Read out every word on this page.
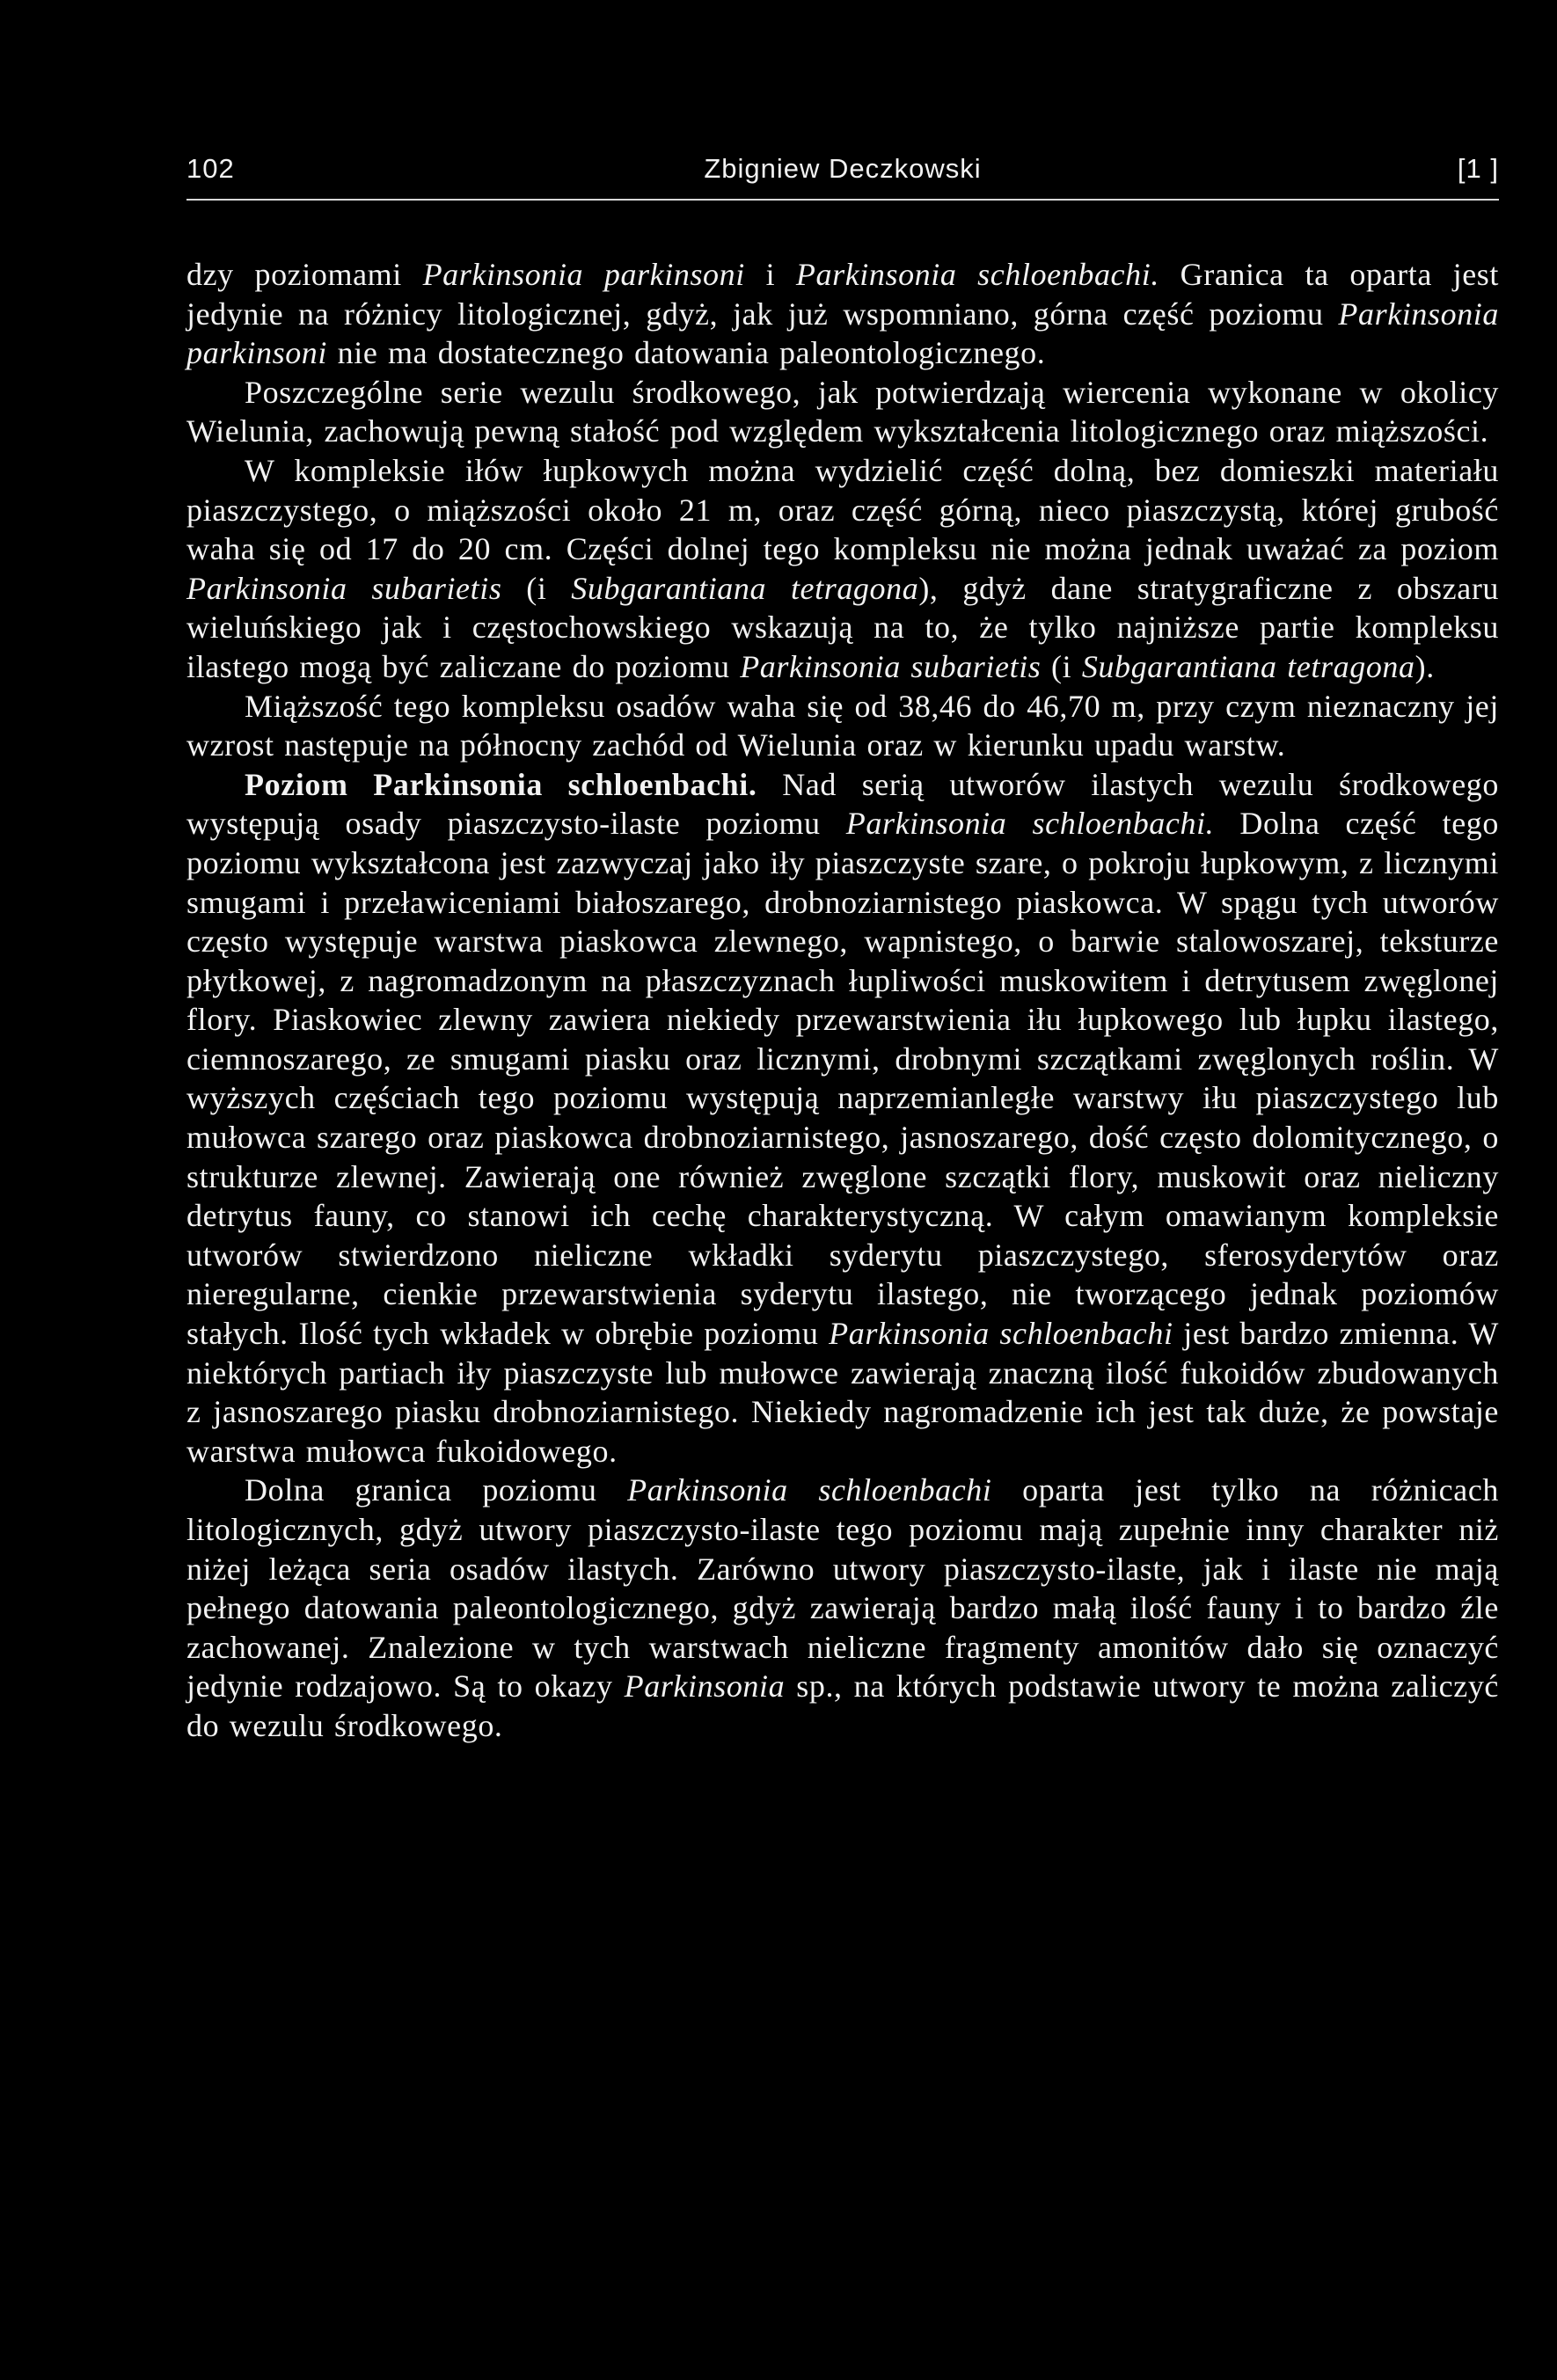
102	Zbigniew Deczkowski	[1 ]

dzy poziomami Parkinsonia parkinsoni i Parkinsonia schloenbachi. Granica ta oparta jest jedynie na różnicy litologicznej, gdyż, jak już wspomniano, górna część poziomu Parkinsonia parkinsoni nie ma dostatecznego datowania paleontologicznego.

Poszczególne serie wezulu środkowego, jak potwierdzają wiercenia wykonane w okolicy Wielunia, zachowują pewną stałość pod względem wykształcenia litologicznego oraz miąższości.

W kompleksie iłów łupkowych można wydzielić część dolną, bez domieszki materiału piaszczystego, o miąższości około 21 m, oraz część górną, nieco piaszczystą, której grubość waha się od 17 do 20 cm. Części dolnej tego kompleksu nie można jednak uważać za poziom Parkinsonia subarietis (i Subgarantiana tetragona), gdyż dane stratygraficzne z obszaru wieluńskiego jak i częstochowskiego wskazują na to, że tylko najniższe partie kompleksu ilastego mogą być zaliczane do poziomu Parkinsonia subarietis (i Subgarantiana tetragona).

Miąższość tego kompleksu osadów waha się od 38,46 do 46,70 m, przy czym nieznaczny jej wzrost następuje na północny zachód od Wielunia oraz w kierunku upadu warstw.

Poziom Parkinsonia schloenbachi. Nad serią utworów ilastych wezulu środkowego występują osady piaszczysto-ilaste poziomu Parkinsonia schloenbachi. Dolna część tego poziomu wykształcona jest zazwyczaj jako iły piaszczyste szare, o pokroju łupkowym, z licznymi smugami i przeławiceniami białoszarego, drobnoziarnistego piaskowca. W spągu tych utworów często występuje warstwa piaskowca zlewnego, wapnistego, o barwie stalowoszarej, teksturze płytkowej, z nagromadzonym na płaszczyznach łupliwości muskowitem i detrytusem zwęglonej flory. Piaskowiec zlewny zawiera niekiedy przewarstwienia iłu łupkowego lub łupku ilastego, ciemnoszarego, ze smugami piasku oraz licznymi, drobnymi szczątkami zwęglonych roślin. W wyższych częściach tego poziomu występują naprzemianległe warstwy iłu piaszczystego lub mułowca szarego oraz piaskowca drobnoziarnistego, jasnoszarego, dość często dolomitycznego, o strukturze zlewnej. Zawierają one również zwęglone szczątki flory, muskowit oraz nieliczny detrytus fauny, co stanowi ich cechę charakterystyczną. W całym omawianym kompleksie utworów stwierdzono nieliczne wkładki syderytu piaszczystego, sferosyderytów oraz nieregularne, cienkie przewarstwienia syderytu ilastego, nie tworzącego jednak poziomów stałych. Ilość tych wkładek w obrębie poziomu Parkinsonia schloenbachi jest bardzo zmienna. W niektórych partiach iły piaszczyste lub mułowce zawierają znaczną ilość fukoidów zbudowanych z jasnoszarego piasku drobnoziarnistego. Niekiedy nagromadzenie ich jest tak duże, że powstaje warstwa mułowca fukoidowego.

Dolna granica poziomu Parkinsonia schloenbachi oparta jest tylko na różnicach litologicznych, gdyż utwory piaszczysto-ilaste tego poziomu mają zupełnie inny charakter niż niżej leżąca seria osadów ilastych. Zarówno utwory piaszczysto-ilaste, jak i ilaste nie mają pełnego datowania paleontologicznego, gdyż zawierają bardzo małą ilość fauny i to bardzo źle zachowanej. Znalezione w tych warstwach nieliczne fragmenty amonitów dało się oznaczyć jedynie rodzajowo. Są to okazy Parkinsonia sp., na których podstawie utwory te można zaliczyć do wezulu środkowego.
